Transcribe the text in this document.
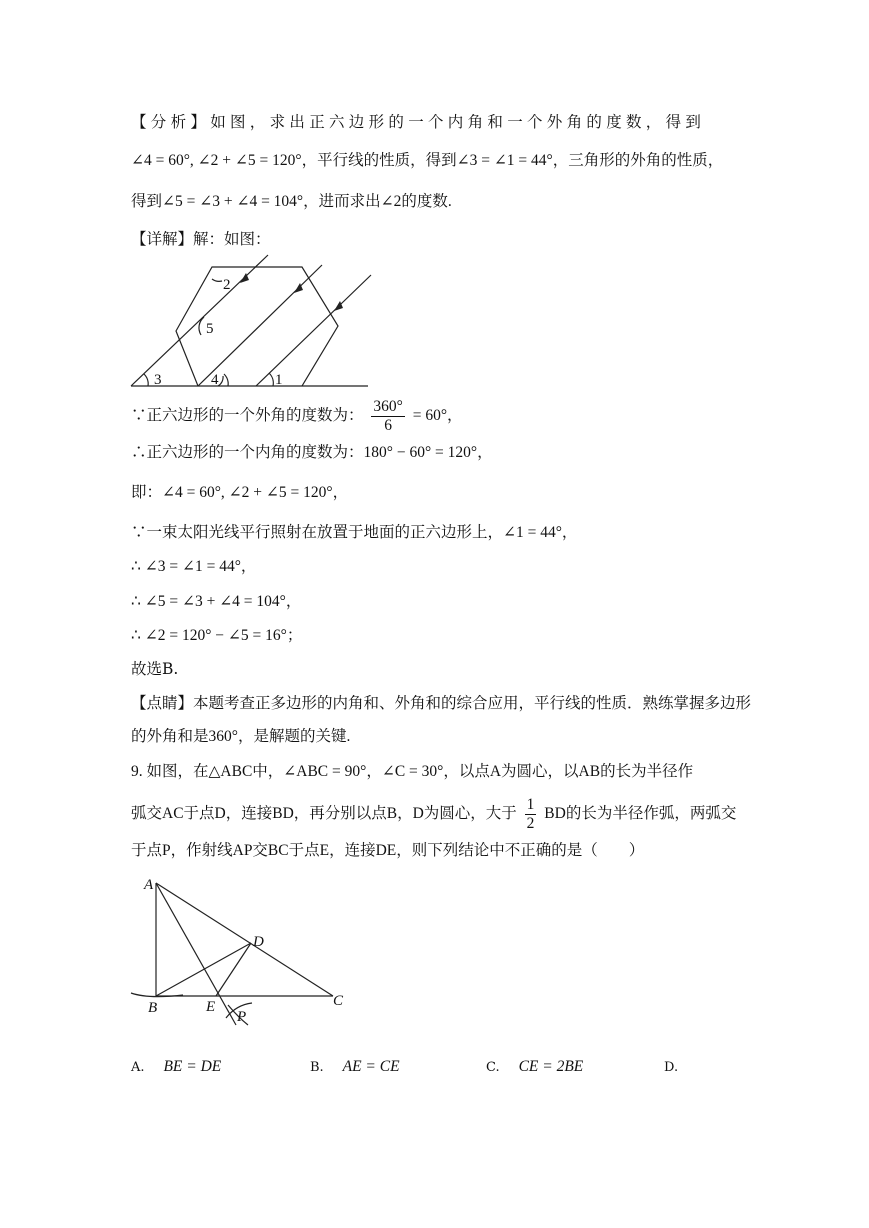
【分析】如图，求出正六边形的一个内角和一个外角的度数，得到
∠4 = 60°, ∠2 + ∠5 = 120°，平行线的性质，得到∠3 = ∠1 = 44°，三角形的外角的性质，
得到∠5 = ∠3 + ∠4 = 104°，进而求出∠2的度数.
【详解】解：如图：
2
5
3	4	1
∵正六边形的一个外角的度数为： $\frac{360^\circ}{6} = 60^\circ$，
∴正六边形的一个内角的度数为：180° − 60° = 120°，
即：∠4 = 60°, ∠2 + ∠5 = 120°，
∵一束太阳光线平行照射在放置于地面的正六边形上，∠1 = 44°，
∴ ∠3 = ∠1 = 44°，
∴ ∠5 = ∠3 + ∠4 = 104°，
∴ ∠2 = 120° − ∠5 = 16°；
故选B.
【点睛】本题考查正多边形的内角和、外角和的综合应用，平行线的性质．熟练掌握多边形
的外角和是360°，是解题的关键.
9. 如图，在△ABC中，∠ABC = 90°，∠C = 30°，以点A为圆心，以AB的长为半径作
弧交AC于点D，连接BD，再分别以点B，D为圆心，大于 $\frac{1}{2}$ BD的长为半径作弧，两弧交
于点P，作射线AP交BC于点E，连接DE，则下列结论中不正确的是（　　）
A
D
B	E	C
P
A. BE = DE	B. AE = CE	C. CE = 2BE	D.
